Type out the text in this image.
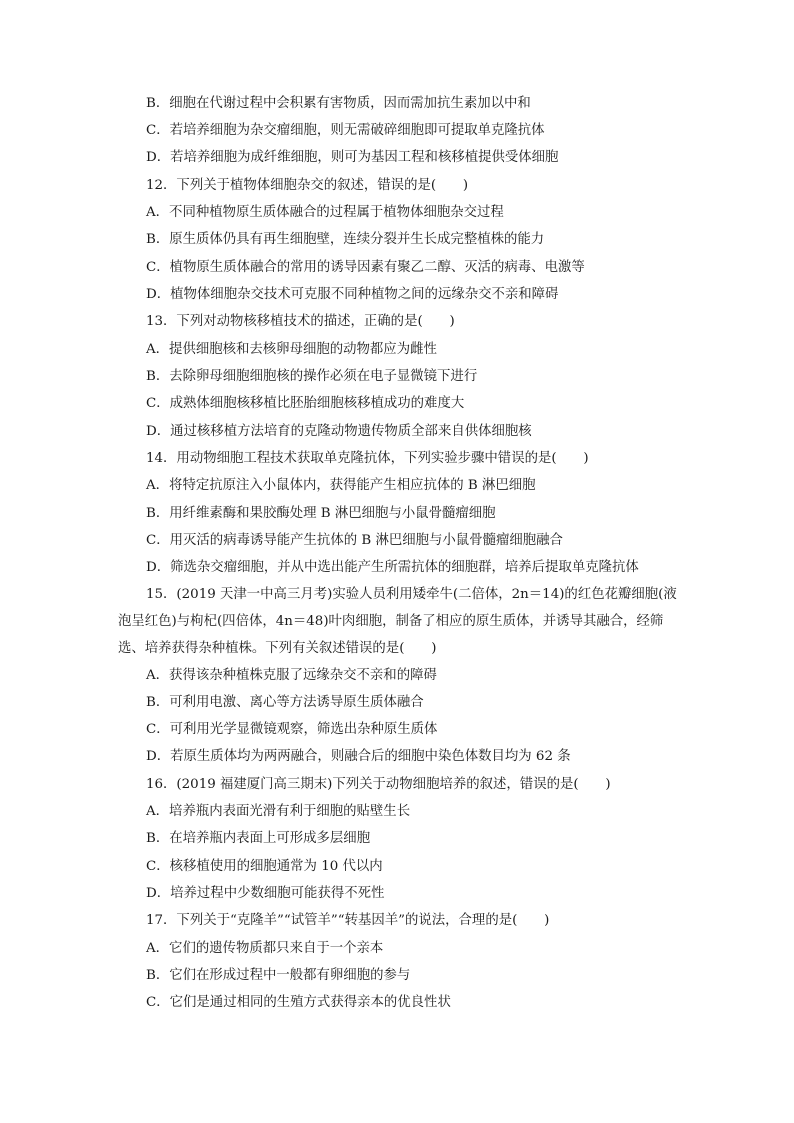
B．细胞在代谢过程中会积累有害物质，因而需加抗生素加以中和
C．若培养细胞为杂交瘤细胞，则无需破碎细胞即可提取单克隆抗体
D．若培养细胞为成纤维细胞，则可为基因工程和核移植提供受体细胞
12．下列关于植物体细胞杂交的叙述，错误的是(　　)
A．不同种植物原生质体融合的过程属于植物体细胞杂交过程
B．原生质体仍具有再生细胞壁，连续分裂并生长成完整植株的能力
C．植物原生质体融合的常用的诱导因素有聚乙二醇、灭活的病毒、电激等
D．植物体细胞杂交技术可克服不同种植物之间的远缘杂交不亲和障碍
13．下列对动物核移植技术的描述，正确的是(　　)
A．提供细胞核和去核卵母细胞的动物都应为雌性
B．去除卵母细胞细胞核的操作必须在电子显微镜下进行
C．成熟体细胞核移植比胚胎细胞核移植成功的难度大
D．通过核移植方法培育的克隆动物遗传物质全部来自供体细胞核
14．用动物细胞工程技术获取单克隆抗体，下列实验步骤中错误的是(　　)
A．将特定抗原注入小鼠体内，获得能产生相应抗体的 B 淋巴细胞
B．用纤维素酶和果胶酶处理 B 淋巴细胞与小鼠骨髓瘤细胞
C．用灭活的病毒诱导能产生抗体的 B 淋巴细胞与小鼠骨髓瘤细胞融合
D．筛选杂交瘤细胞，并从中选出能产生所需抗体的细胞群，培养后提取单克隆抗体
15．(2019 天津一中高三月考)实验人员利用矮牵牛(二倍体，2n＝14)的红色花瓣细胞(液
泡呈红色)与枸杞(四倍体，4n＝48)叶肉细胞，制备了相应的原生质体，并诱导其融合，经筛
选、培养获得杂种植株。下列有关叙述错误的是(　　)
A．获得该杂种植株克服了远缘杂交不亲和的障碍
B．可利用电激、离心等方法诱导原生质体融合
C．可利用光学显微镜观察，筛选出杂种原生质体
D．若原生质体均为两两融合，则融合后的细胞中染色体数目均为 62 条
16．(2019 福建厦门高三期末)下列关于动物细胞培养的叙述，错误的是(　　)
A．培养瓶内表面光滑有利于细胞的贴壁生长
B．在培养瓶内表面上可形成多层细胞
C．核移植使用的细胞通常为 10 代以内
D．培养过程中少数细胞可能获得不死性
17．下列关于“克隆羊”“试管羊”“转基因羊”的说法，合理的是(　　)
A．它们的遗传物质都只来自于一个亲本
B．它们在形成过程中一般都有卵细胞的参与
C．它们是通过相同的生殖方式获得亲本的优良性状
